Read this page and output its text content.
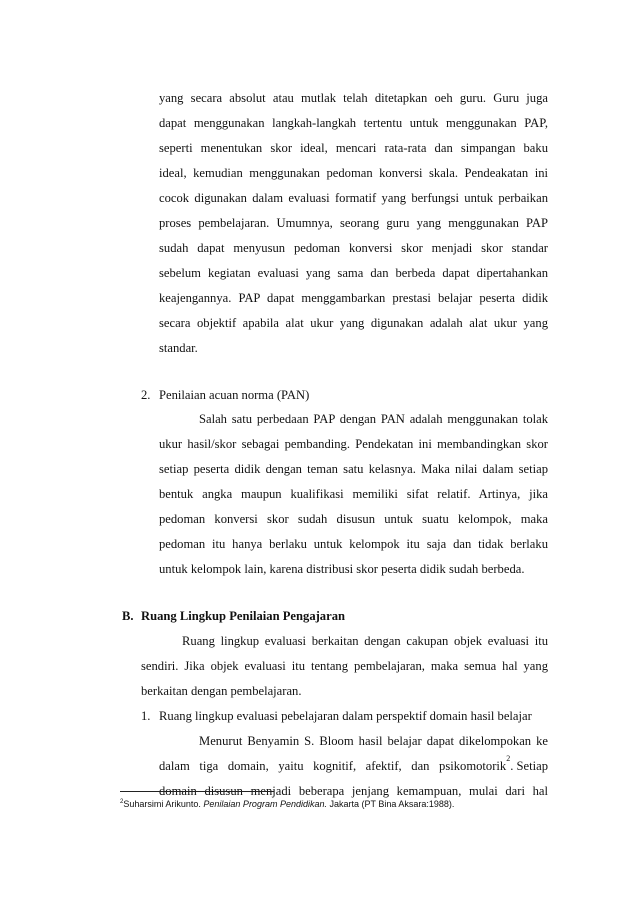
yang secara absolut atau mutlak telah ditetapkan oeh guru. Guru juga
dapat menggunakan langkah-langkah tertentu untuk menggunakan PAP,
seperti menentukan skor ideal, mencari rata-rata dan simpangan baku
ideal, kemudian menggunakan pedoman konversi skala. Pendeakatan ini
cocok digunakan dalam evaluasi formatif yang berfungsi untuk perbaikan
proses pembelajaran. Umumnya, seorang guru yang menggunakan PAP
sudah dapat menyusun pedoman konversi skor menjadi skor standar
sebelum kegiatan evaluasi yang sama dan berbeda dapat dipertahankan
keajengannya. PAP dapat menggambarkan prestasi belajar peserta didik
secara objektif apabila alat ukur yang digunakan adalah alat ukur yang
standar.
2. Penilaian acuan norma (PAN)
Salah satu perbedaan PAP dengan PAN adalah menggunakan tolak
ukur hasil/skor sebagai pembanding. Pendekatan ini membandingkan skor
setiap peserta didik dengan teman satu kelasnya. Maka nilai dalam setiap
bentuk angka maupun kualifikasi memiliki sifat relatif. Artinya, jika
pedoman konversi skor sudah disusun untuk suatu kelompok, maka
pedoman itu hanya berlaku untuk kelompok itu saja dan tidak berlaku
untuk kelompok lain, karena distribusi skor peserta didik sudah berbeda.
B. Ruang Lingkup Penilaian Pengajaran
Ruang lingkup evaluasi berkaitan dengan cakupan objek evaluasi itu
sendiri. Jika objek evaluasi itu tentang pembelajaran, maka semua hal yang
berkaitan dengan pembelajaran.
1. Ruang lingkup evaluasi pebelajaran dalam perspektif domain hasil belajar
Menurut Benyamin S. Bloom hasil belajar dapat dikelompokan ke
dalam tiga domain, yaitu kognitif, afektif, dan psikomotorik
2
. Setiap
domain disusun menjadi beberapa jenjang kemampuan, mulai dari hal
$^2$Suharsimi Arikunto. Penilaian Program Pendidikan. Jakarta (PT Bina Aksara:1988).
